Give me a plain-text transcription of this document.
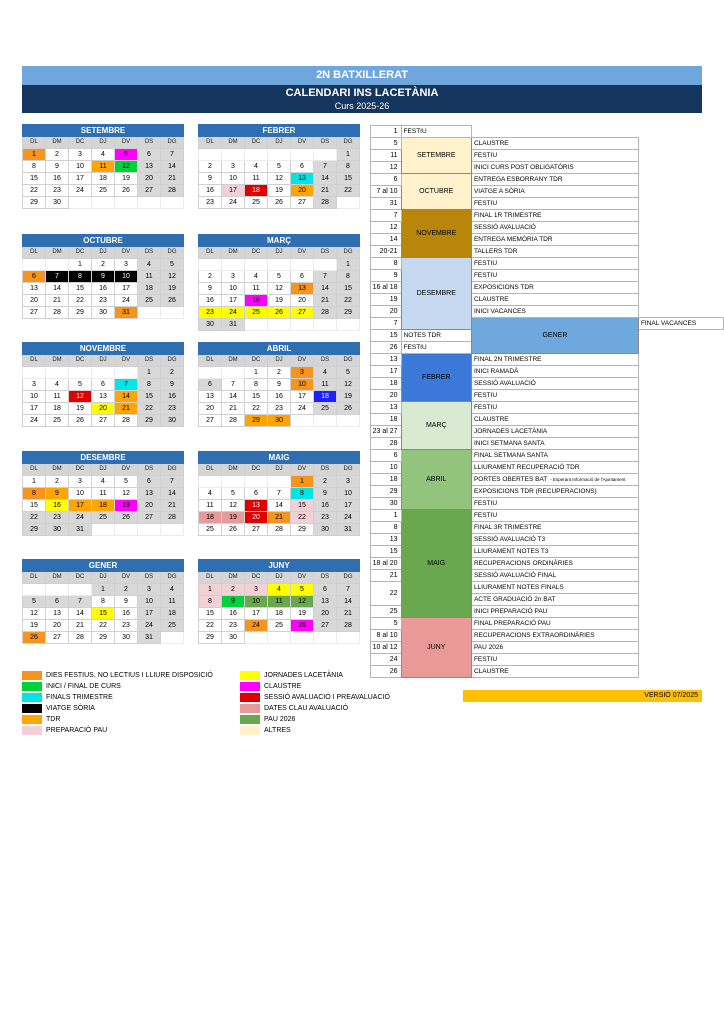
2N BATXILLERAT
CALENDARI INS LACETÀNIA
Curs 2025-26
SETEMBRE						
DL	DM	DC	DJ	DV	DS	DG
1	2	3	4	5	6	7
8	9	10	11	12	13	14
15	16	17	18	19	20	21
22	23	24	25	26	27	28
29	30					
FEBRER						
DL	DM	DC	DJ	DV	DS	DG
						1
2	3	4	5	6	7	8
9	10	11	12	13	14	15
16	17	18	19	20	21	22
23	24	25	26	27	28	
OCTUBRE						
DL	DM	DC	DJ	DV	DS	DG
		1	2	3	4	5
6	7	8	9	10	11	12
13	14	15	16	17	18	19
20	21	22	23	24	25	26
27	28	29	30	31		
MARÇ						
DL	DM	DC	DJ	DV	DS	DG
						1
2	3	4	5	6	7	8
9	10	11	12	13	14	15
16	17	18	19	20	21	22
23	24	25	26	27	28	29
30	31					
NOVEMBRE						
DL	DM	DC	DJ	DV	DS	DG
					1	2
3	4	5	6	7	8	9
10	11	12	13	14	15	16
17	18	19	20	21	22	23
24	25	26	27	28	29	30
ABRIL						
DL	DM	DC	DJ	DV	DS	DG
		1	2	3	4	5
6	7	8	9	10	11	12
13	14	15	16	17	18	19
20	21	22	23	24	25	26
27	28	29	30			
DESEMBRE						
DL	DM	DC	DJ	DV	DS	DG
1	2	3	4	5	6	7
8	9	10	11	12	13	14
15	16	17	18	19	20	21
22	23	24	25	26	27	28
29	30	31				
MAIG						
DL	DM	DC	DJ	DV	DS	DG
				1	2	3
4	5	6	7	8	9	10
11	12	13	14	15	16	17
18	19	20	21	22	23	24
25	26	27	28	29	30	31
GENER						
DL	DM	DC	DJ	DV	DS	DG
			1	2	3	4
5	6	7	8	9	10	11
12	13	14	15	16	17	18
19	20	21	22	23	24	25
26	27	28	29	30	31	
JUNY						
DL	DM	DC	DJ	DV	DS	DG
1	2	3	4	5	6	7
8	9	10	11	12	13	14
15	16	17	18	19	20	21
22	23	24	25	26	27	28
29	30					
1	FESTIU		
5	SETEMBRE	CLAUSTRE	
11		FESTIU	
12		INICI CURS POST OBLIGATÒRIS	
6	OCTUBRE	ENTREGA ESBORRANY TDR	
7 al 10		VIATGE A SÒRIA	
31		FESTIU	
7	NOVEMBRE	FINAL 1R TRIMESTRE	
12		SESSIÓ AVALUACIÓ	
14		ENTREGA MEMÒRIA TDR	
20-21		TALLERS TDR	
8	DESEMBRE	FESTIU	
9		FESTIU	
16 al 18		EXPOSICIONS TDR	
19		CLAUSTRE	
20		INICI VACANCES	
7		GENER	FINAL VACANCES
15	NOTES TDR		
26	FESTIU		
13	FEBRER	FINAL 2N TRIMESTRE	
17		INICI RAMADÀ	
18		SESSIÓ AVALUACIÓ	
20		FESTIU	
13	MARÇ	FESTIU	
18		CLAUSTRE	
23 al 27		JORNADES LACETÀNIA	
28		INICI SETMANA SANTA	
6	ABRIL	FINAL SETMANA SANTA	
10		LLIURAMENT RECUPERACIÓ TDR	
18		PORTES OBERTES BAT - Esperant Informació de l'Ajuntament	
29		EXPOSICIONS TDR (RECUPERACIONS)	
30		FESTIU	
1	MAIG	FESTIU	
8		FINAL 3R TRIMESTRE	
13		SESSIÓ AVALUACIÓ T3	
15		LLIURAMENT NOTES T3	
18 al 20		RECUPERACIONS ORDINÀRIES	
21		SESSIÓ AVALUACIÓ FINAL	
22		LLIURAMENT NOTES FINALS	
		ACTE GRADUACIÓ 2n BAT	
25		INICI PREPARACIÓ PAU	
5	JUNY	FINAL PREPARACIÓ PAU	
8 al 10		RECUPERACIONS EXTRAORDINÀRIES	
10 al 12		PAU 2026	
24		FESTIU	
26		CLAUSTRE	
DIES FESTIUS, NO LECTIUS I LLIURE DISPOSICIÓ
INICI / FINAL DE CURS
FINALS TRIMESTRE
VIATGE SÒRIA
TDR
PREPARACIÓ PAU
JORNADES LACETÀNIA
CLAUSTRE
SESSIÓ AVALUACIÓ I PREAVALUACIÓ
DATES CLAU AVALUACIÓ
PAU 2026
ALTRES
VERSIÓ 07/2025
